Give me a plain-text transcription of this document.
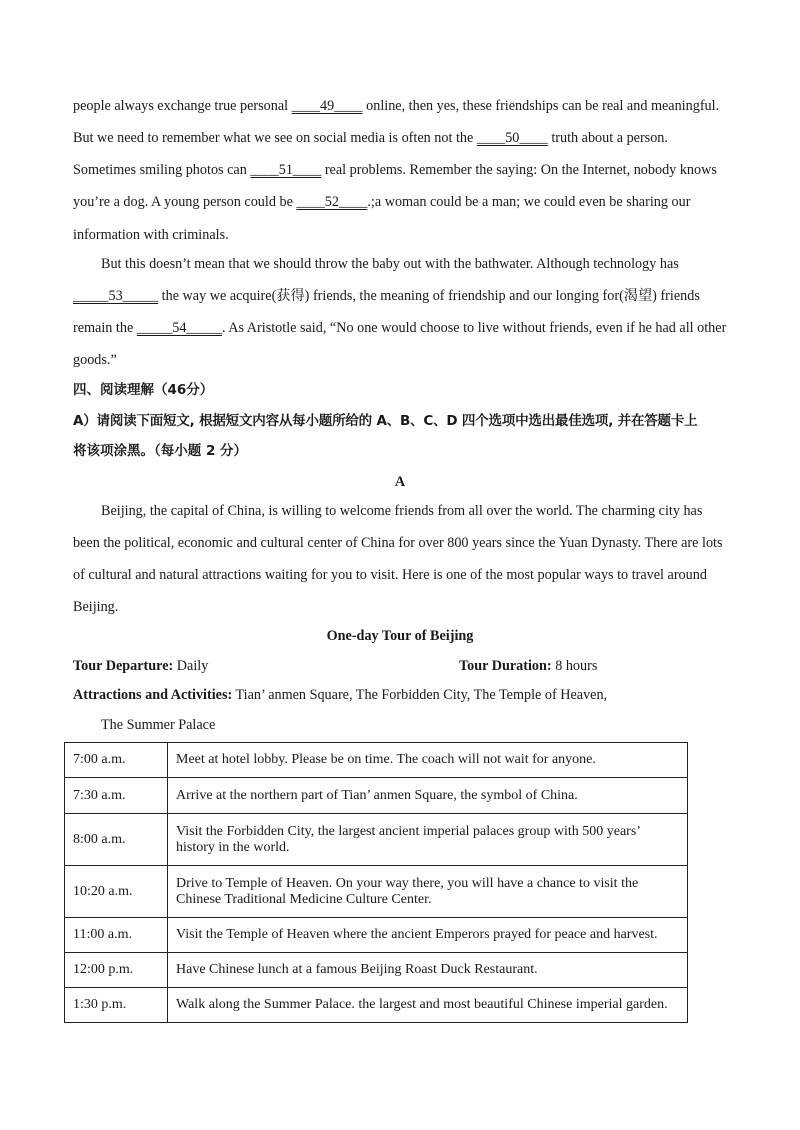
people always exchange true personal ____49____ online, then yes, these friendships can be real and meaningful.
But we need to remember what we see on social media is often not the ____50____ truth about a person.
Sometimes smiling photos can ____51____ real problems. Remember the saying: On the Internet, nobody knows
you’re a dog. A young person could be ____52____.;a woman could be a man; we could even be sharing our
information with criminals.
But this doesn’t mean that we should throw the baby out with the bathwater. Although technology has
_____53_____ the way we acquire(获得) friends, the meaning of friendship and our longing for(渴望) friends
remain the _____54_____. As Aristotle said, “No one would choose to live without friends, even if he had all other
goods.”
四、阅读理解（46分）
A）请阅读下面短文, 根据短文内容从每小题所给的 A、B、C、D 四个选项中选出最佳选项, 并在答题卡上
将该项涂黑。（每小题 2 分）
A
Beijing, the capital of China, is willing to welcome friends from all over the world. The charming city has
been the political, economic and cultural center of China for over 800 years since the Yuan Dynasty. There are lots
of cultural and natural attractions waiting for you to visit. Here is one of the most popular ways to travel around
Beijing.
One-day Tour of Beijing
Tour Departure: Daily	Tour Duration: 8 hours
Attractions and Activities: Tian’ anmen Square, The Forbidden City, The Temple of Heaven,
The Summer Palace
7:00 a.m.	Meet at hotel lobby. Please be on time. The coach will not wait for anyone.
7:30 a.m.	Arrive at the northern part of Tian’ anmen Square, the symbol of China.
8:00 a.m.	Visit the Forbidden City, the largest ancient imperial palaces group with 500 years’ history in the world.
10:20 a.m.	Drive to Temple of Heaven. On your way there, you will have a chance to visit the Chinese Traditional Medicine Culture Center.
11:00 a.m.	Visit the Temple of Heaven where the ancient Emperors prayed for peace and harvest.
12:00 p.m.	Have Chinese lunch at a famous Beijing Roast Duck Restaurant.
1:30 p.m.	Walk along the Summer Palace. the largest and most beautiful Chinese imperial garden.
